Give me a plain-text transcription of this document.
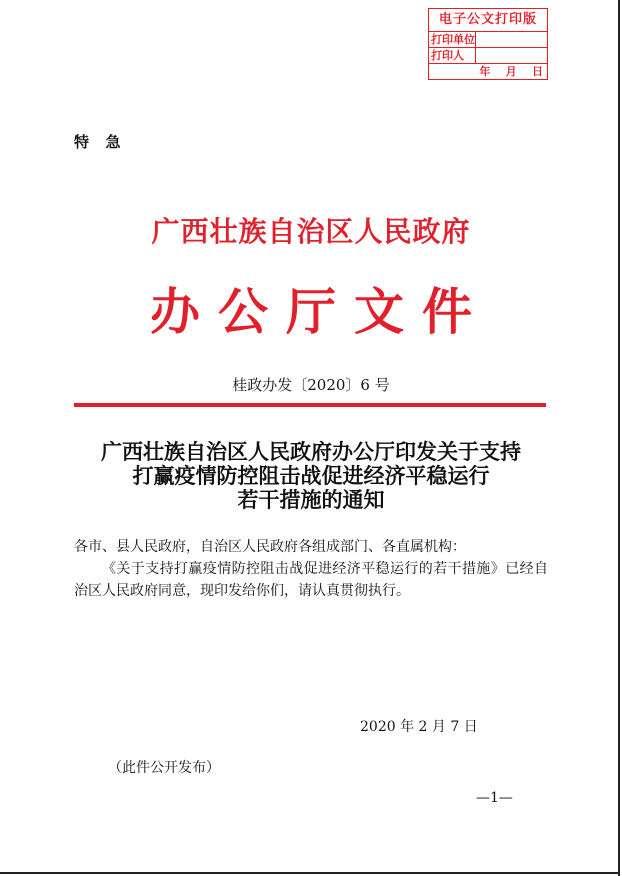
电子公文打印版
打印单位
打印人
年    月    日
特  急
广西壮族自治区人民政府
办公厅文件
桂政办发〔2020〕6 号
广西壮族自治区人民政府办公厅印发关于支持
打赢疫情防控阻击战促进经济平稳运行
若干措施的通知
各市、县人民政府，自治区人民政府各组成部门、各直属机构：
《关于支持打赢疫情防控阻击战促进经济平稳运行的若干措施》已经自治区人民政府同意，现印发给你们，请认真贯彻执行。
2020 年 2 月 7 日
（此件公开发布）
—1—
